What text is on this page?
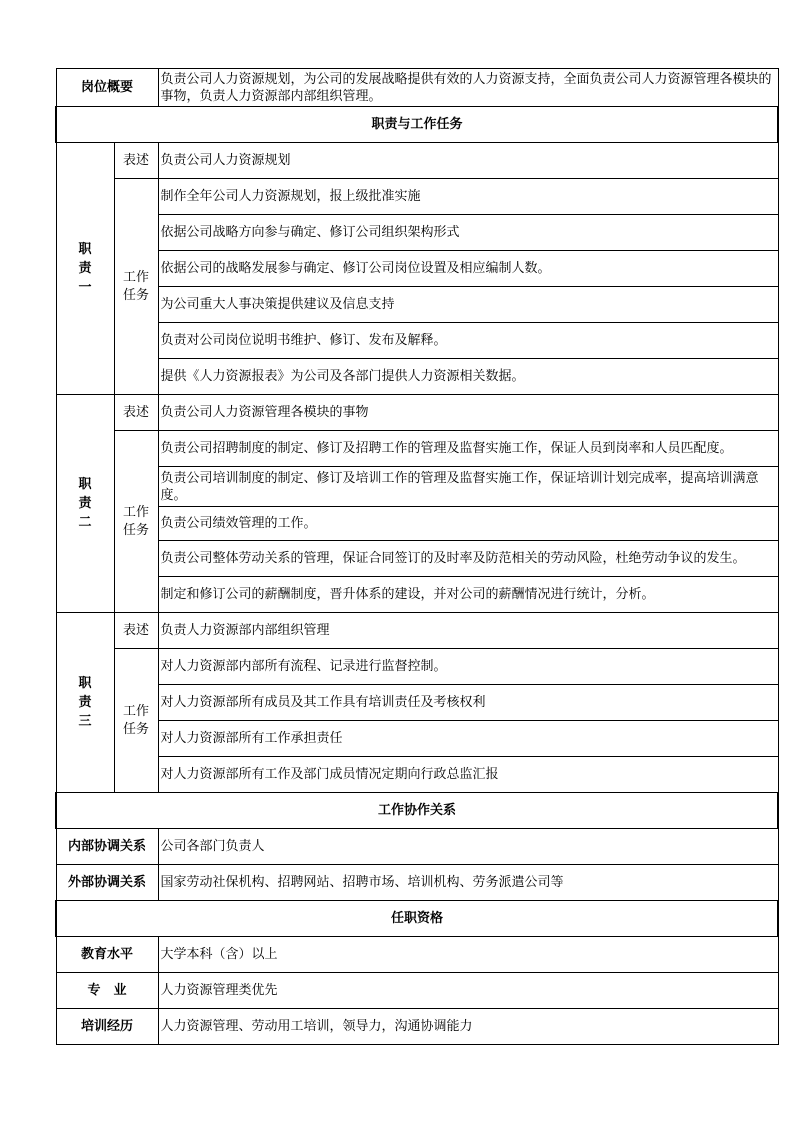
岗位概要		负责公司人力资源规划，为公司的发展战略提供有效的人力资源支持，全面负责公司人力资源管理各模块的事物，负责人力资源部内部组织管理。
职责与工作任务		
职责一	表述	负责公司人力资源规划
	工作任务	制作全年公司人力资源规划，报上级批准实施
		依据公司战略方向参与确定、修订公司组织架构形式
		依据公司的战略发展参与确定、修订公司岗位设置及相应编制人数。
		为公司重大人事决策提供建议及信息支持
		负责对公司岗位说明书维护、修订、发布及解释。
		提供《人力资源报表》为公司及各部门提供人力资源相关数据。
职责二	表述	负责公司人力资源管理各模块的事物
	工作任务	负责公司招聘制度的制定、修订及招聘工作的管理及监督实施工作，保证人员到岗率和人员匹配度。
		负责公司培训制度的制定、修订及培训工作的管理及监督实施工作，保证培训计划完成率，提高培训满意度。
		负责公司绩效管理的工作。
		负责公司整体劳动关系的管理，保证合同签订的及时率及防范相关的劳动风险，杜绝劳动争议的发生。
		制定和修订公司的薪酬制度，晋升体系的建设，并对公司的薪酬情况进行统计，分析。
职责三	表述	负责人力资源部内部组织管理
	工作任务	对人力资源部内部所有流程、记录进行监督控制。
		对人力资源部所有成员及其工作具有培训责任及考核权利
		对人力资源部所有工作承担责任
		对人力资源部所有工作及部门成员情况定期向行政总监汇报
工作协作关系		
内部协调关系		公司各部门负责人
外部协调关系		国家劳动社保机构、招聘网站、招聘市场、培训机构、劳务派遣公司等
任职资格		
教育水平		大学本科（含）以上
专　业		人力资源管理类优先
培训经历		人力资源管理、劳动用工培训，领导力，沟通协调能力
